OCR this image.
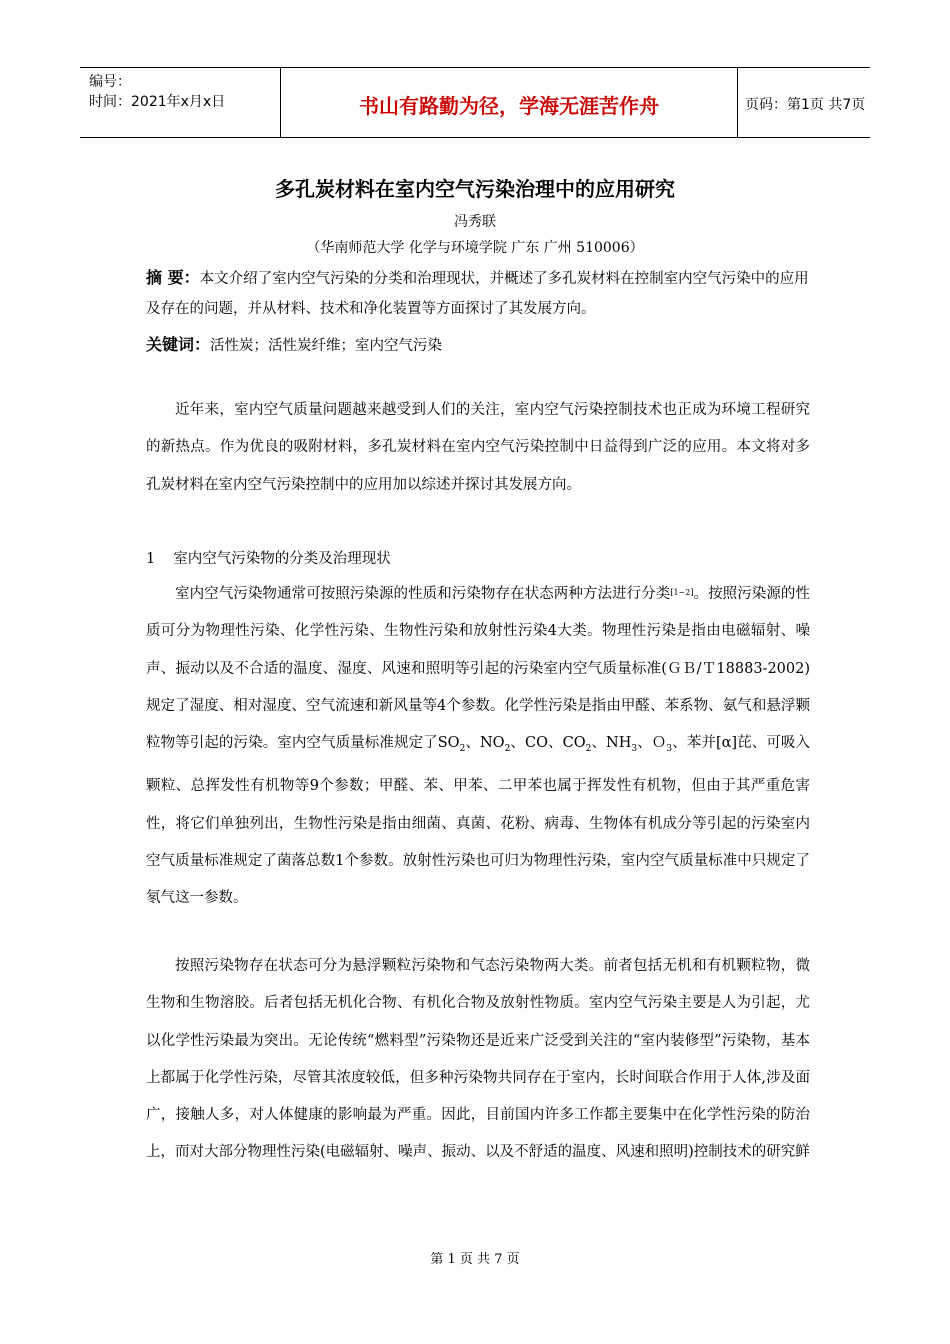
编号：
时间：2021年x月x日	书山有路勤为径，学海无涯苦作舟	页码：第1页 共7页
多孔炭材料在室内空气污染治理中的应用研究
冯秀联
（华南师范大学 化学与环境学院 广东 广州 510006）
摘 要：本文介绍了室内空气污染的分类和治理现状，并概述了多孔炭材料在控制室内空气污染中的应用及存在的问题，并从材料、技术和净化装置等方面探讨了其发展方向。
关键词：活性炭；活性炭纤维；室内空气污染

近年来，室内空气质量问题越来越受到人们的关注，室内空气污染控制技术也正成为环境工程研究的新热点。作为优良的吸附材料，多孔炭材料在室内空气污染控制中日益得到广泛的应用。本文将对多孔炭材料在室内空气污染控制中的应用加以综述并探讨其发展方向。

1 室内空气污染物的分类及治理现状

室内空气污染物通常可按照污染源的性质和污染物存在状态两种方法进行分类[1~2]。按照污染源的性质可分为物理性污染、化学性污染、生物性污染和放射性污染4大类。物理性污染是指由电磁辐射、噪声、振动以及不合适的温度、湿度、风速和照明等引起的污染室内空气质量标准(ＧＢ/Ｔ18883-2002)规定了湿度、相对湿度、空气流速和新风量等4个参数。化学性污染是指由甲醛、苯系物、氨气和悬浮颗粒物等引起的污染。室内空气质量标准规定了$SO_2$、$NO_2$、CO、$CO_2$、$NH_3$、Ｏ$_3$、苯并[α]芘、可吸入颗粒、总挥发性有机物等9个参数；甲醛、苯、甲苯、二甲苯也属于挥发性有机物，但由于其严重危害性，将它们单独列出，生物性污染是指由细菌、真菌、花粉、病毒、生物体有机成分等引起的污染室内空气质量标准规定了菌落总数1个参数。放射性污染也可归为物理性污染，室内空气质量标准中只规定了氡气这一参数。

按照污染物存在状态可分为悬浮颗粒污染物和气态污染物两大类。前者包括无机和有机颗粒物，微生物和生物溶胶。后者包括无机化合物、有机化合物及放射性物质。室内空气污染主要是人为引起，尤以化学性污染最为突出。无论传统“燃料型”污染物还是近来广泛受到关注的“室内装修型”污染物，基本上都属于化学性污染，尽管其浓度较低，但多种污染物共同存在于室内，长时间联合作用于人体,涉及面广，接触人多，对人体健康的影响最为严重。因此，目前国内许多工作都主要集中在化学性污染的防治上，而对大部分物理性污染(电磁辐射、噪声、振动、以及不舒适的温度、风速和照明)控制技术的研究鲜

第 1 页 共 7 页
